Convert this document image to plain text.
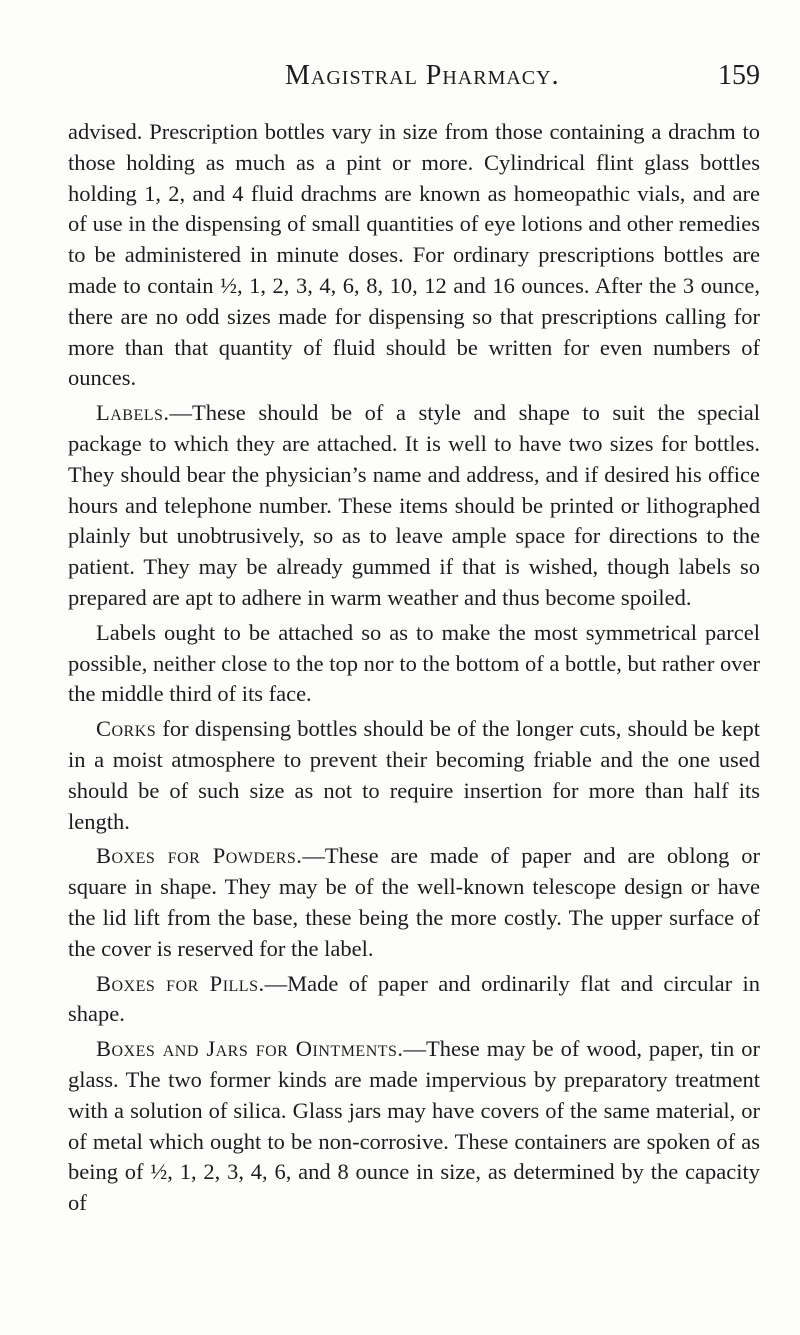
Magistral Pharmacy.	159

advised. Prescription bottles vary in size from those containing a drachm to those holding as much as a pint or more. Cylindrical flint glass bottles holding 1, 2, and 4 fluid drachms are known as homeopathic vials, and are of use in the dispensing of small quantities of eye lotions and other remedies to be administered in minute doses. For ordinary prescriptions bottles are made to contain ½, 1, 2, 3, 4, 6, 8, 10, 12 and 16 ounces. After the 3 ounce, there are no odd sizes made for dispensing so that prescriptions calling for more than that quantity of fluid should be written for even numbers of ounces.

Labels.—These should be of a style and shape to suit the special package to which they are attached. It is well to have two sizes for bottles. They should bear the physician’s name and address, and if desired his office hours and telephone number. These items should be printed or lithographed plainly but unobtrusively, so as to leave ample space for directions to the patient. They may be already gummed if that is wished, though labels so prepared are apt to adhere in warm weather and thus become spoiled.

Labels ought to be attached so as to make the most symmetrical parcel possible, neither close to the top nor to the bottom of a bottle, but rather over the middle third of its face.

Corks for dispensing bottles should be of the longer cuts, should be kept in a moist atmosphere to prevent their becoming friable and the one used should be of such size as not to require insertion for more than half its length.

Boxes for Powders.—These are made of paper and are oblong or square in shape. They may be of the well-known telescope design or have the lid lift from the base, these being the more costly. The upper surface of the cover is reserved for the label.

Boxes for Pills.—Made of paper and ordinarily flat and circular in shape.

Boxes and Jars for Ointments.—These may be of wood, paper, tin or glass. The two former kinds are made impervious by preparatory treatment with a solution of silica. Glass jars may have covers of the same material, or of metal which ought to be non-corrosive. These containers are spoken of as being of ½, 1, 2, 3, 4, 6, and 8 ounce in size, as determined by the capacity of
